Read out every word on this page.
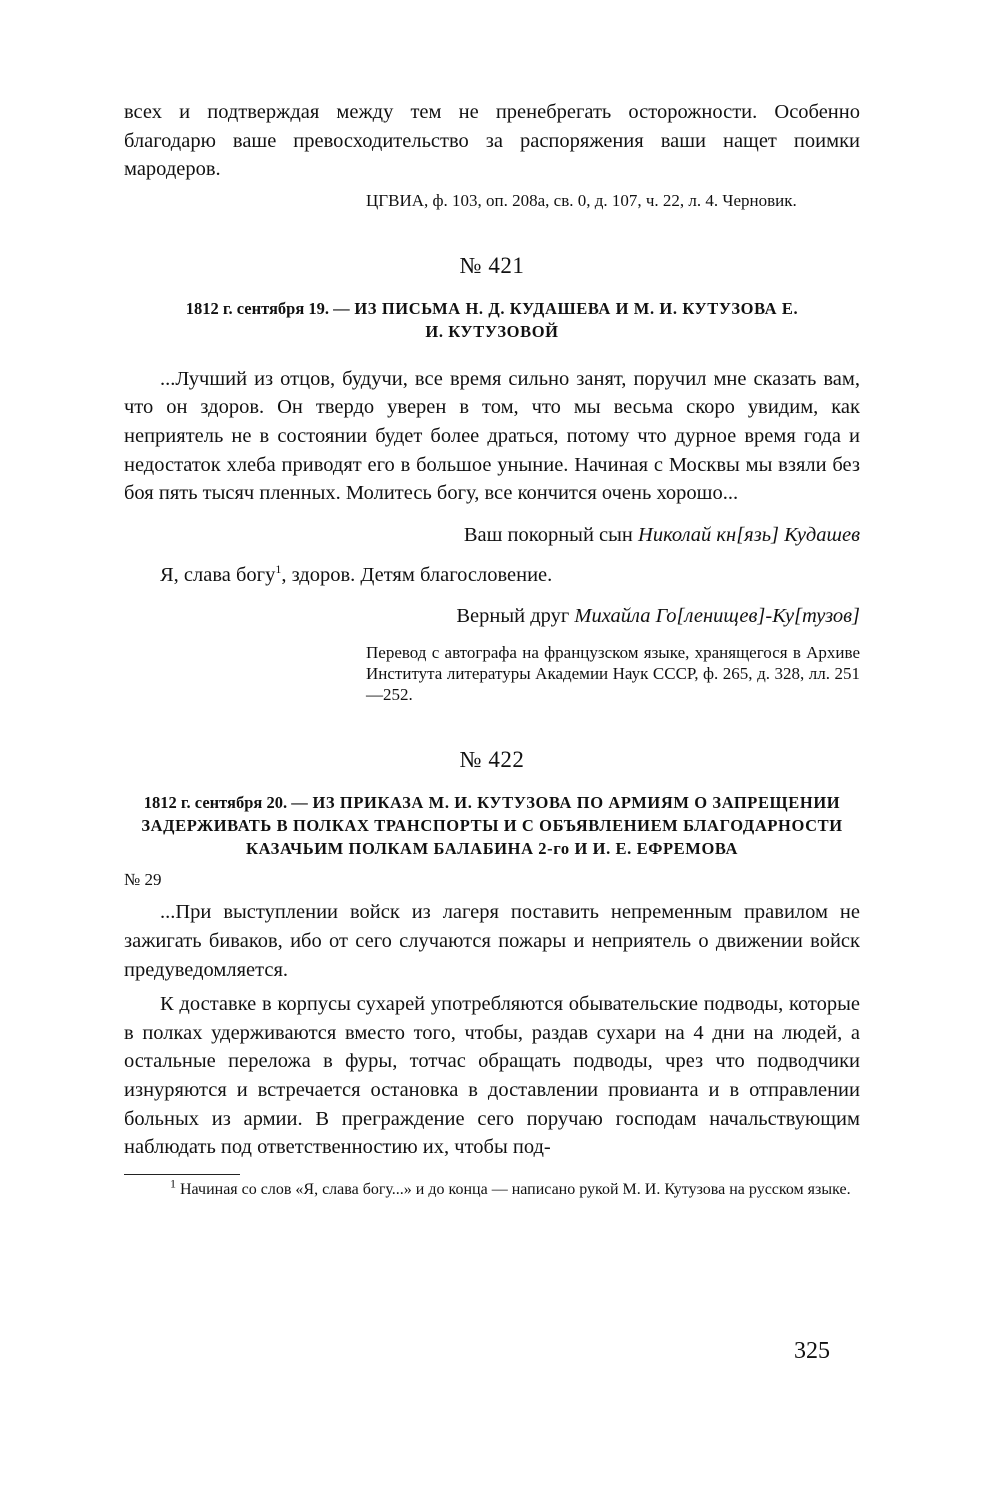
всех и подтверждая между тем не пренебрегать осторожности. Особенно благодарю ваше превосходительство за распоряжения ваши нащет поимки мародеров.

ЦГВИА, ф. 103, оп. 208а, св. 0, д. 107, ч. 22, л. 4. Черновик.

№ 421
1812 г. сентября 19. — ИЗ ПИСЬМА Н. Д. КУДАШЕВА И М. И. КУТУЗОВА Е. И. КУТУЗОВОЙ

...Лучший из отцов, будучи, все время сильно занят, поручил мне сказать вам, что он здоров. Он твердо уверен в том, что мы весьма скоро увидим, как неприятель не в состоянии будет более драться, потому что дурное время года и недостаток хлеба приводят его в большое уныние. Начиная с Москвы мы взяли без боя пять тысяч пленных. Молитесь богу, все кончится очень хорошо...

Ваш покорный сын Николай кн[язь] Кудашев

Я, слава богу$^1$, здоров. Детям благословение.

Верный друг Михайла Го[ленищев]-Ку[тузов]

Перевод с автографа на французском языке, хранящегося в Архиве Института литературы Академии Наук СССР, ф. 265, д. 328, лл. 251—252.

№ 422
1812 г. сентября 20. — ИЗ ПРИКАЗА М. И. КУТУЗОВА ПО АРМИЯМ О ЗАПРЕЩЕНИИ ЗАДЕРЖИВАТЬ В ПОЛКАХ ТРАНСПОРТЫ И С ОБЪЯВЛЕНИЕМ БЛАГОДАРНОСТИ КАЗАЧЬИМ ПОЛКАМ БАЛАБИНА 2-го И И. Е. ЕФРЕМОВА
№ 29

...При выступлении войск из лагеря поставить непременным правилом не зажигать биваков, ибо от сего случаются пожары и неприятель о движении войск предуведомляется.

К доставке в корпусы сухарей употребляются обывательские подводы, которые в полках удерживаются вместо того, чтобы, раздав сухари на 4 дни на людей, а остальные переложа в фуры, тотчас обращать подводы, чрез что подводчики изнуряются и встречается остановка в доставлении провианта и в отправлении больных из армии. В преграждение сего поручаю господам начальствующим наблюдать под ответственностию их, чтобы под-

$^1$ Начиная со слов «Я, слава богу...» и до конца — написано рукой М. И. Кутузова на русском языке.

325
